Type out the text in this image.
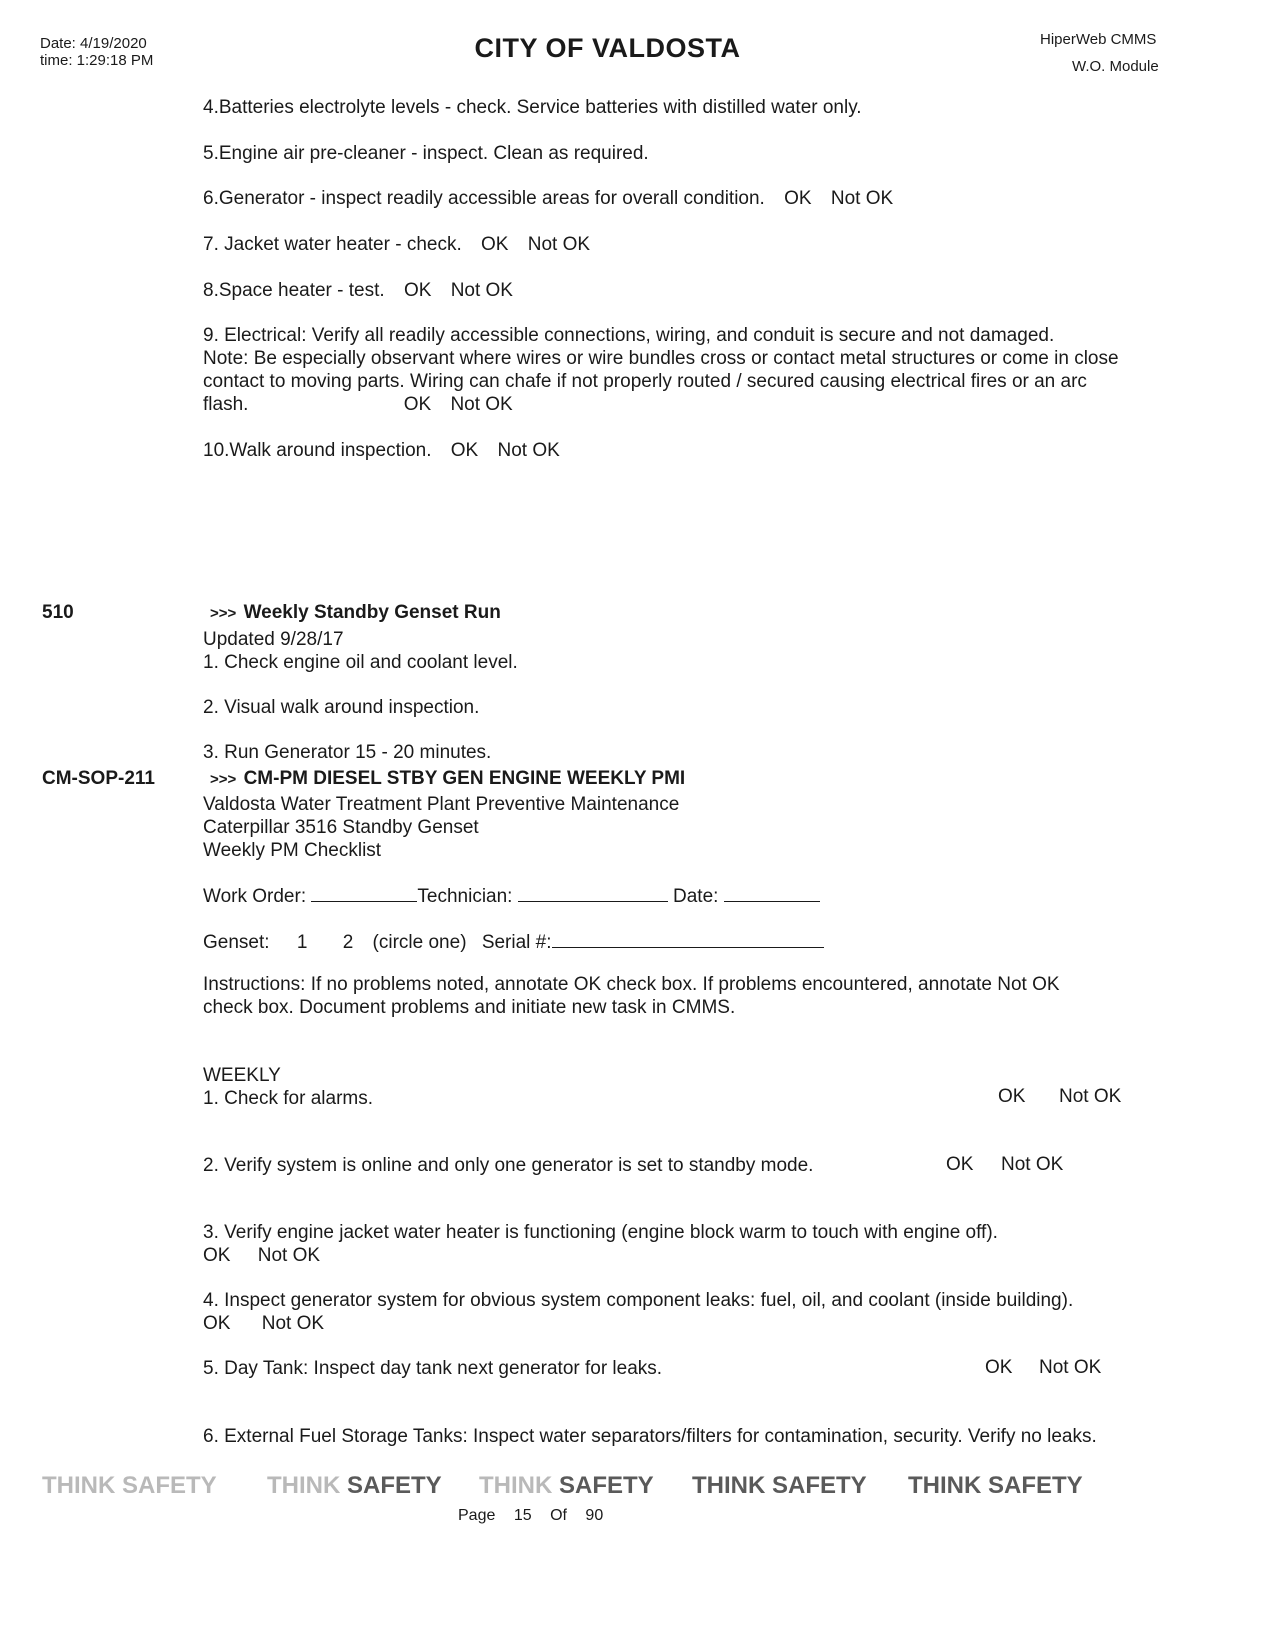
Date: 4/19/2020
time: 1:29:18 PM	CITY OF VALDOSTA	HiperWeb CMMS
W.O. Module
4.Batteries electrolyte levels - check. Service batteries with distilled water only.
5.Engine air pre-cleaner - inspect. Clean as required.
6.Generator - inspect readily accessible areas for overall condition. OK Not OK
7. Jacket water heater - check. OK Not OK
8.Space heater - test. OK Not OK
9. Electrical: Verify all readily accessible connections, wiring, and conduit is secure and not damaged.
Note: Be especially observant where wires or wire bundles cross or contact metal structures or come in close
contact to moving parts. Wiring can chafe if not properly routed / secured causing electrical fires or an arc
flash.	OK Not OK
10.Walk around inspection. OK Not OK
510	>>> Weekly Standby Genset Run
Updated 9/28/17
1. Check engine oil and coolant level.
2. Visual walk around inspection.
3. Run Generator 15 - 20 minutes.
CM-SOP-211	>>> CM-PM DIESEL STBY GEN ENGINE WEEKLY PMI
Valdosta Water Treatment Plant Preventive Maintenance
Caterpillar 3516 Standby Genset
Weekly PM Checklist
Work Order:	Technician:	Date:
Genset: 1 2 (circle one) Serial #:
Instructions: If no problems noted, annotate OK check box. If problems encountered, annotate Not OK
check box. Document problems and initiate new task in CMMS.
WEEKLY
1. Check for alarms.	OK Not OK
2. Verify system is online and only one generator is set to standby mode.	OK Not OK
3. Verify engine jacket water heater is functioning (engine block warm to touch with engine off).
OK Not OK
4. Inspect generator system for obvious system component leaks: fuel, oil, and coolant (inside building).
OK Not OK
5. Day Tank: Inspect day tank next generator for leaks.	OK Not OK
6. External Fuel Storage Tanks: Inspect water separators/filters for contamination, security. Verify no leaks.
THINK SAFETY THINK SAFETY THINK SAFETY THINK SAFETY THINK SAFETY
Page 15 Of 90
